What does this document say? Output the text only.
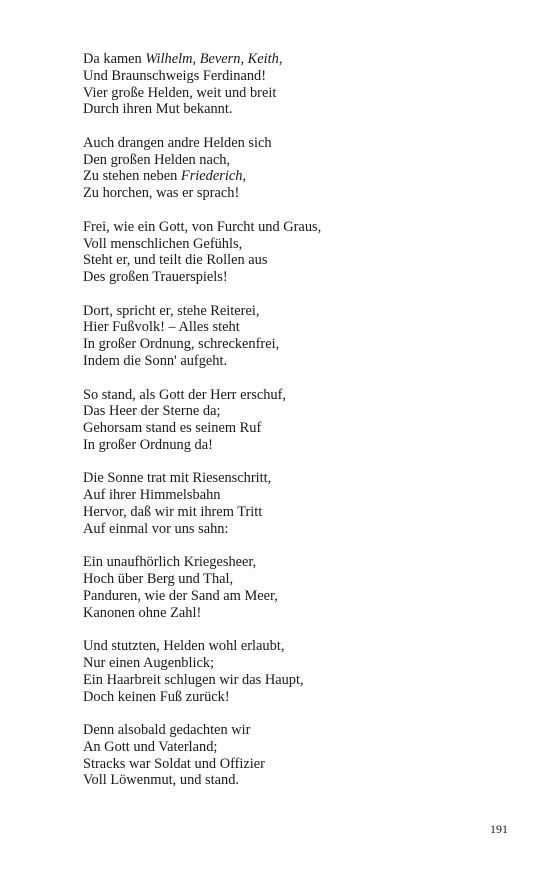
Da kamen Wilhelm, Bevern, Keith,
Und Braunschweigs Ferdinand!
Vier große Helden, weit und breit
Durch ihren Mut bekannt.
Auch drangen andre Helden sich
Den großen Helden nach,
Zu stehen neben Friederich,
Zu horchen, was er sprach!
Frei, wie ein Gott, von Furcht und Graus,
Voll menschlichen Gefühls,
Steht er, und teilt die Rollen aus
Des großen Trauerspiels!
Dort, spricht er, stehe Reiterei,
Hier Fußvolk! – Alles steht
In großer Ordnung, schreckenfrei,
Indem die Sonn' aufgeht.
So stand, als Gott der Herr erschuf,
Das Heer der Sterne da;
Gehorsam stand es seinem Ruf
In großer Ordnung da!
Die Sonne trat mit Riesenschritt,
Auf ihrer Himmelsbahn
Hervor, daß wir mit ihrem Tritt
Auf einmal vor uns sahn:
Ein unaufhörlich Kriegesheer,
Hoch über Berg und Thal,
Panduren, wie der Sand am Meer,
Kanonen ohne Zahl!
Und stutzten, Helden wohl erlaubt,
Nur einen Augenblick;
Ein Haarbreit schlugen wir das Haupt,
Doch keinen Fuß zurück!
Denn alsobald gedachten wir
An Gott und Vaterland;
Stracks war Soldat und Offizier
Voll Löwenmut, und stand.
191
